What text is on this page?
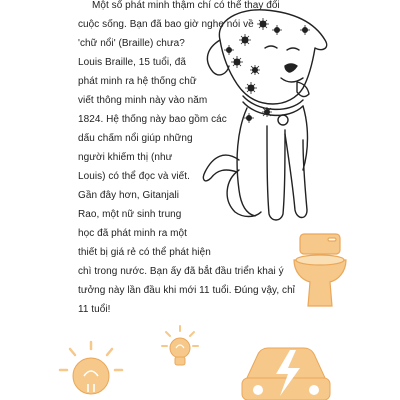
Một số phát minh thậm chí có thể thay đổi
cuộc sống. Bạn đã bao giờ nghe nói về
'chữ nổi' (Braille) chưa?
Louis Braille, 15 tuổi, đã
phát minh ra hệ thống chữ
viết thông minh này vào năm
1824. Hệ thống này bao gồm các
dấu chấm nổi giúp những
người khiếm thị (như
Louis) có thể đọc và viết.
Gần đây hơn, Gitanjali
Rao, một nữ sinh trung
học đã phát minh ra một
thiết bị giá rẻ có thể phát hiện
chì trong nước. Bạn ấy đã bắt đầu triển khai ý
tưởng này lần đầu khi mới 11 tuổi. Đúng vậy, chỉ
11 tuổi!
